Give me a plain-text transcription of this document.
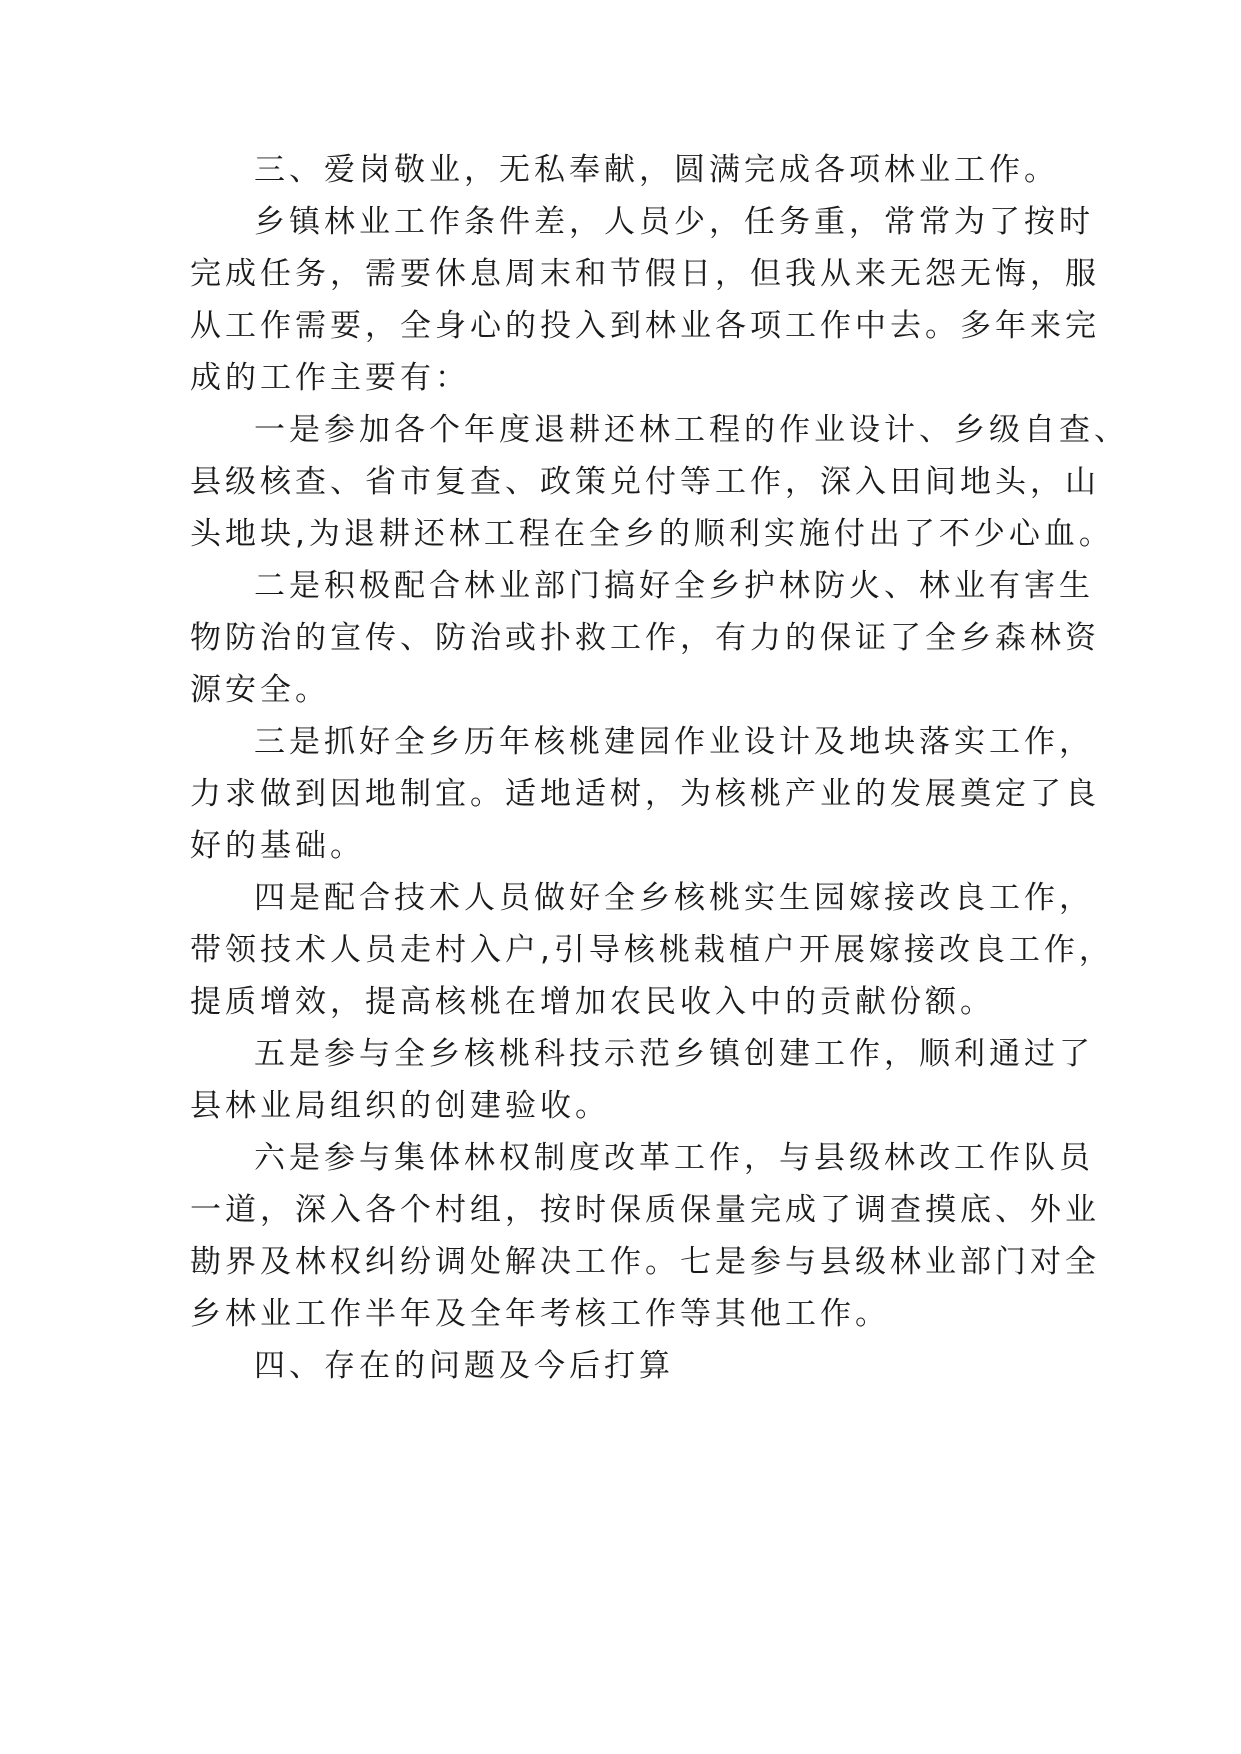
三、爱岗敬业，无私奉献，圆满完成各项林业工作。
乡镇林业工作条件差，人员少，任务重，常常为了按时
完成任务，需要休息周末和节假日，但我从来无怨无悔，服
从工作需要，全身心的投入到林业各项工作中去。多年来完
成的工作主要有：
一是参加各个年度退耕还林工程的作业设计、乡级自查、
县级核查、省市复查、政策兑付等工作，深入田间地头，山
头地块,为退耕还林工程在全乡的顺利实施付出了不少心血。
二是积极配合林业部门搞好全乡护林防火、林业有害生
物防治的宣传、防治或扑救工作，有力的保证了全乡森林资
源安全。
三是抓好全乡历年核桃建园作业设计及地块落实工作，
力求做到因地制宜。适地适树，为核桃产业的发展奠定了良
好的基础。
四是配合技术人员做好全乡核桃实生园嫁接改良工作，
带领技术人员走村入户,引导核桃栽植户开展嫁接改良工作，
提质增效，提高核桃在增加农民收入中的贡献份额。
五是参与全乡核桃科技示范乡镇创建工作，顺利通过了
县林业局组织的创建验收。
六是参与集体林权制度改革工作，与县级林改工作队员
一道，深入各个村组，按时保质保量完成了调查摸底、外业
勘界及林权纠纷调处解决工作。七是参与县级林业部门对全
乡林业工作半年及全年考核工作等其他工作。
四、存在的问题及今后打算
